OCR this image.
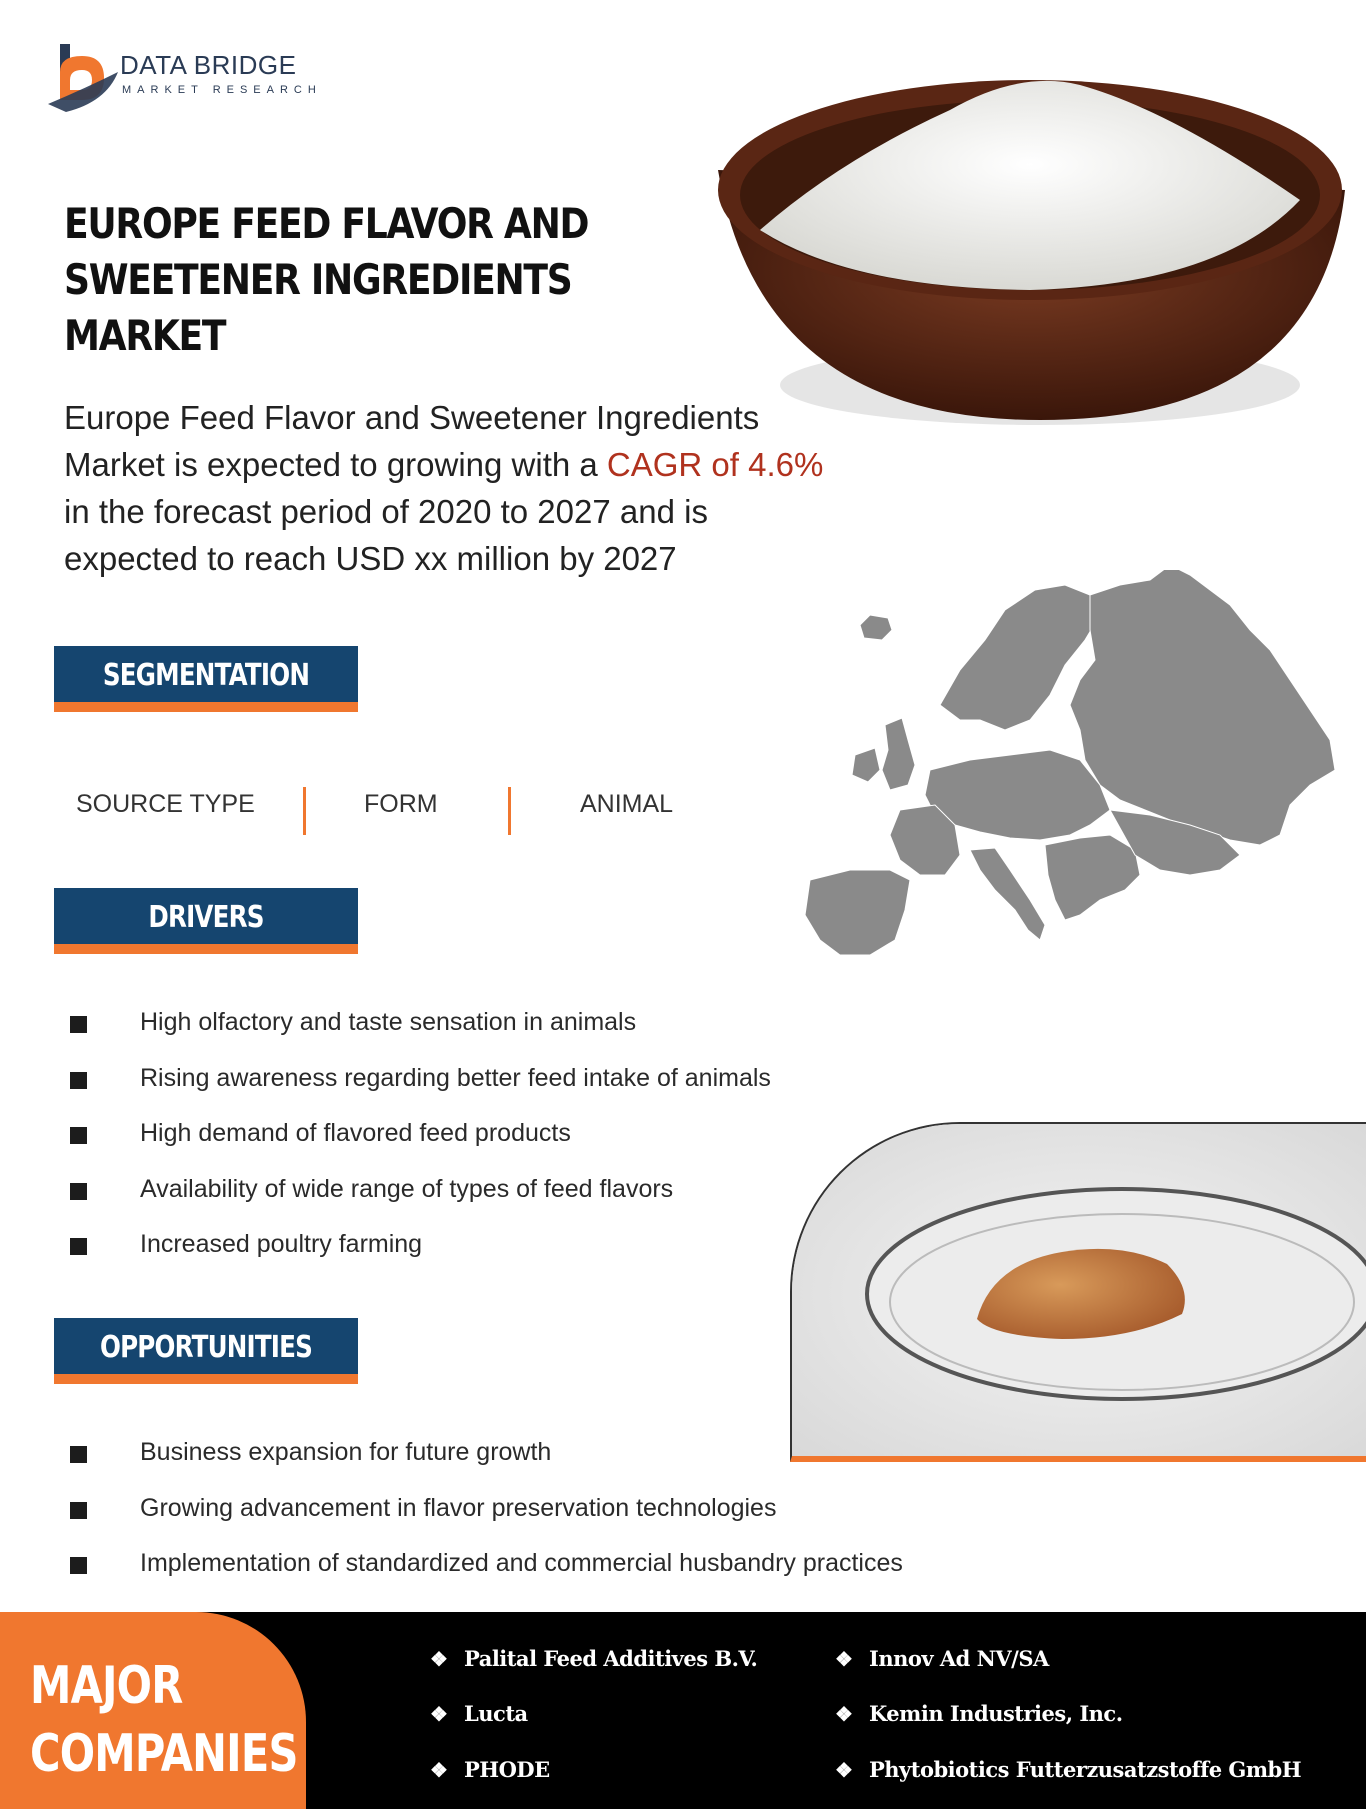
DATA BRIDGE
MARKET RESEARCH
EUROPE FEED FLAVOR AND
SWEETENER INGREDIENTS MARKET
Europe Feed Flavor and Sweetener Ingredients Market is expected to growing with a CAGR of 4.6% in the forecast period of 2020 to 2027 and is expected to reach USD xx million by 2027
SEGMENTATION
SOURCE TYPE	FORM	ANIMAL
DRIVERS
High olfactory and taste sensation in animals
Rising awareness regarding better feed intake of animals
High demand of flavored feed products
Availability of wide range of types of feed flavors
Increased poultry farming
OPPORTUNITIES
Business expansion for future growth
Growing advancement in flavor preservation technologies
Implementation of standardized and commercial husbandry practices
MAJOR
COMPANIES
❖ Palital Feed Additives B.V.
❖ Lucta
❖ PHODE
❖ Innov Ad NV/SA
❖ Kemin Industries, Inc.
❖ Phytobiotics Futterzusatzstoffe GmbH
